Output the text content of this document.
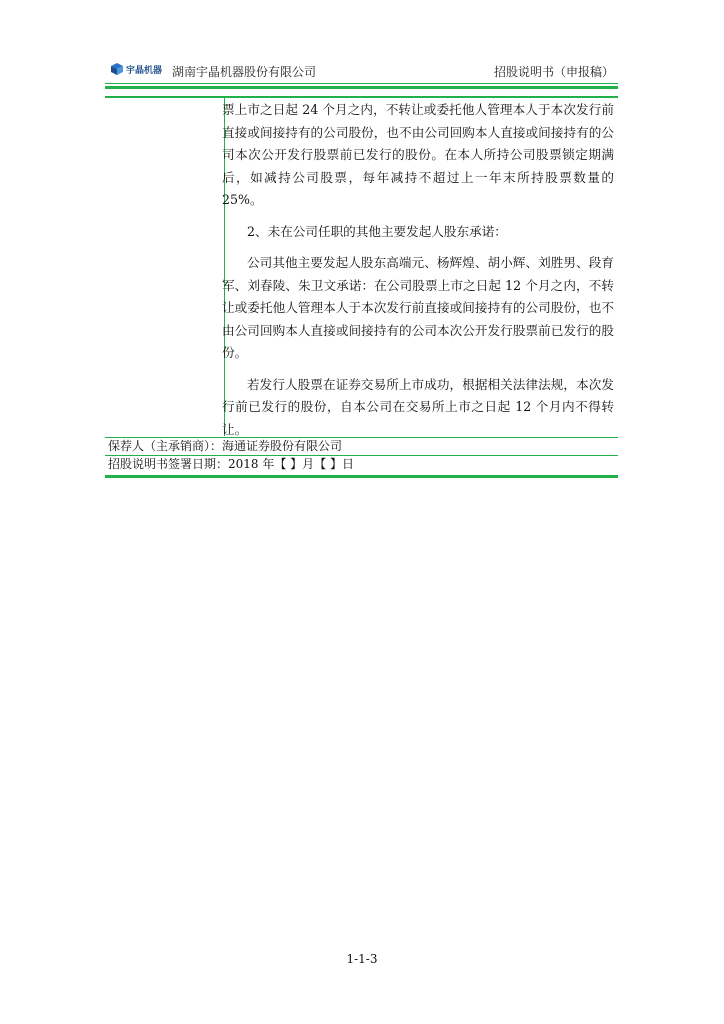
宇晶机器 湖南宇晶机器股份有限公司	招股说明书（申报稿）

票上市之日起 24 个月之内，不转让或委托他人管理本人于本次发行前直接或间接持有的公司股份，也不由公司回购本人直接或间接持有的公司本次公开发行股票前已发行的股份。在本人所持公司股票锁定期满后，如减持公司股票，每年减持不超过上一年末所持股票数量的 25%。

2、未在公司任职的其他主要发起人股东承诺：

公司其他主要发起人股东高端元、杨辉煌、胡小辉、刘胜男、段育军、刘春陵、朱卫文承诺：在公司股票上市之日起 12 个月之内，不转让或委托他人管理本人于本次发行前直接或间接持有的公司股份，也不由公司回购本人直接或间接持有的公司本次公开发行股票前已发行的股份。

若发行人股票在证券交易所上市成功，根据相关法律法规，本次发行前已发行的股份，自本公司在交易所上市之日起 12 个月内不得转让。

保荐人（主承销商）：海通证券股份有限公司
招股说明书签署日期：2018 年【 】月【 】日
1-1-3
